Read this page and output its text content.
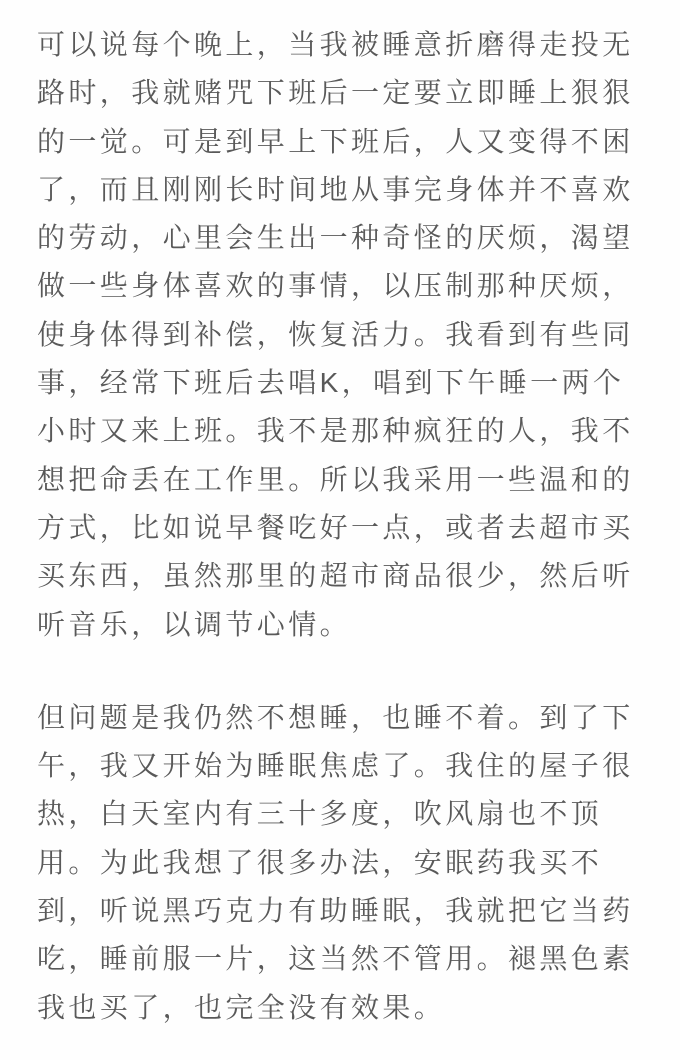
可以说每个晚上，当我被睡意折磨得走投无
路时，我就赌咒下班后一定要立即睡上狠狠
的一觉。可是到早上下班后，人又变得不困
了，而且刚刚长时间地从事完身体并不喜欢
的劳动，心里会生出一种奇怪的厌烦，渴望
做一些身体喜欢的事情，以压制那种厌烦，
使身体得到补偿，恢复活力。我看到有些同
事，经常下班后去唱K，唱到下午睡一两个
小时又来上班。我不是那种疯狂的人，我不
想把命丢在工作里。所以我采用一些温和的
方式，比如说早餐吃好一点，或者去超市买
买东西，虽然那里的超市商品很少，然后听
听音乐，以调节心情。
但问题是我仍然不想睡，也睡不着。到了下
午，我又开始为睡眠焦虑了。我住的屋子很
热，白天室内有三十多度，吹风扇也不顶
用。为此我想了很多办法，安眠药我买不
到，听说黑巧克力有助睡眠，我就把它当药
吃，睡前服一片，这当然不管用。褪黑色素
我也买了，也完全没有效果。
